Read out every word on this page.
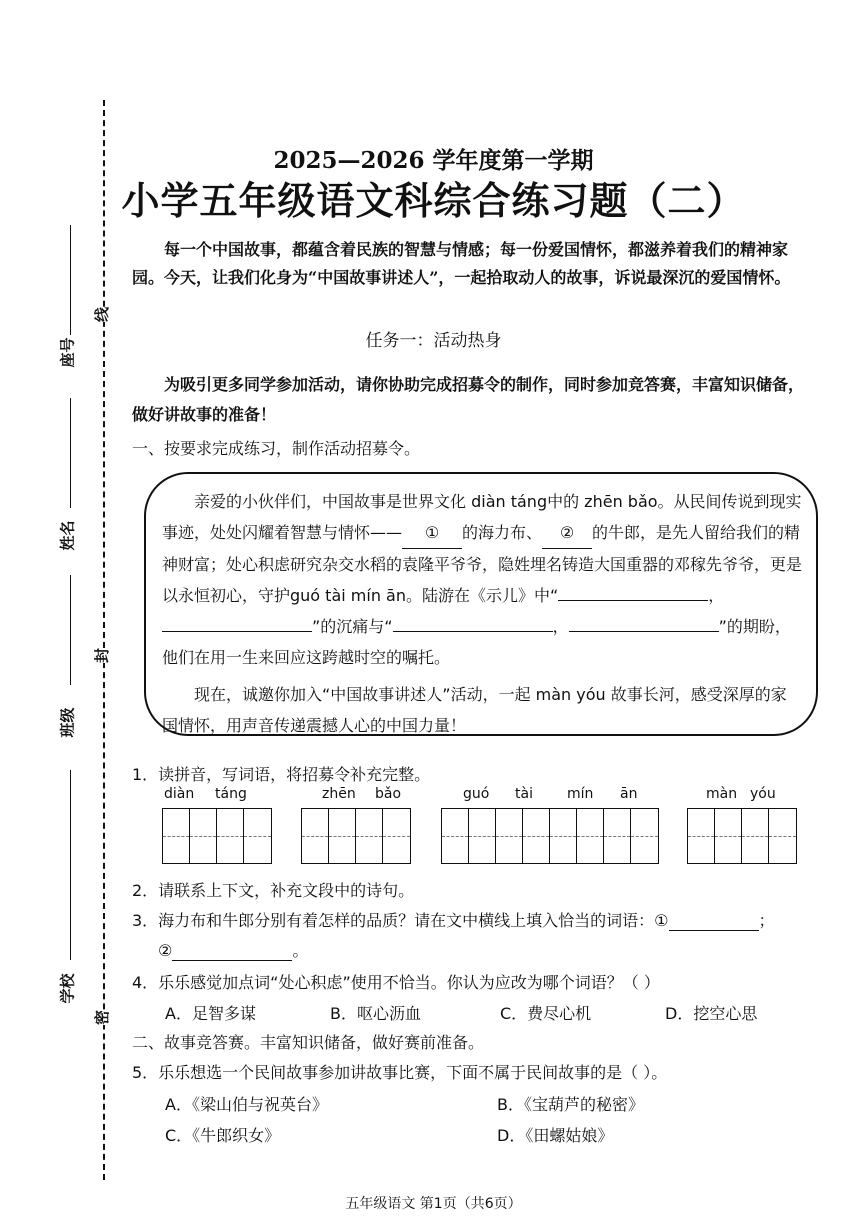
座号
姓名
班级
学校
线
封
密
2025—2026 学年度第一学期
小学五年级语文科综合练习题（二）
每一个中国故事，都蕴含着民族的智慧与情感；每一份爱国情怀，都滋养着我们的精神家园。今天，让我们化身为“中国故事讲述人”，一起拾取动人的故事，诉说最深沉的爱国情怀。
任务一：活动热身
为吸引更多同学参加活动，请你协助完成招募令的制作，同时参加竞答赛，丰富知识储备，做好讲故事的准备！
一、按要求完成练习，制作活动招募令。

亲爱的小伙伴们，中国故事是世界文化 diàn táng中的 zhēn bǎo。从民间传说到现实事迹，处处闪耀着智慧与情怀—— ① 的海力布、 ② 的牛郎，是先人留给我们的精神财富；处心积虑研究杂交水稻的袁隆平爷爷，隐姓埋名铸造大国重器的邓稼先爷爷，更是以永恒初心，守护guó tài mín ān。陆游在《示儿》中“	，”的沉痛与“	，	”的期盼，他们在用一生来回应这跨越时空的嘱托。

现在，诚邀你加入“中国故事讲述人”活动，一起 màn yóu 故事长河，感受深厚的家国情怀，用声音传递震撼人心的中国力量！

1．读拼音，写词语，将招募令补充完整。
diàn táng	zhēn bǎo	guó tài mín ān	màn yóu
2．请联系上下文，补充文段中的诗句。
3．海力布和牛郎分别有着怎样的品质？请在文中横线上填入恰当的词语：①	；
②	。
4．乐乐感觉加点词“处心积虑”使用不恰当。你认为应改为哪个词语？（ ）
A．足智多谋	B．呕心沥血	C．费尽心机	D．挖空心思
二、故事竞答赛。丰富知识储备，做好赛前准备。
5．乐乐想选一个民间故事参加讲故事比赛，下面不属于民间故事的是（ ）。
A．《梁山伯与祝英台》	B．《宝葫芦的秘密》
C．《牛郎织女》	D．《田螺姑娘》
五年级语文 第1页（共6页）
